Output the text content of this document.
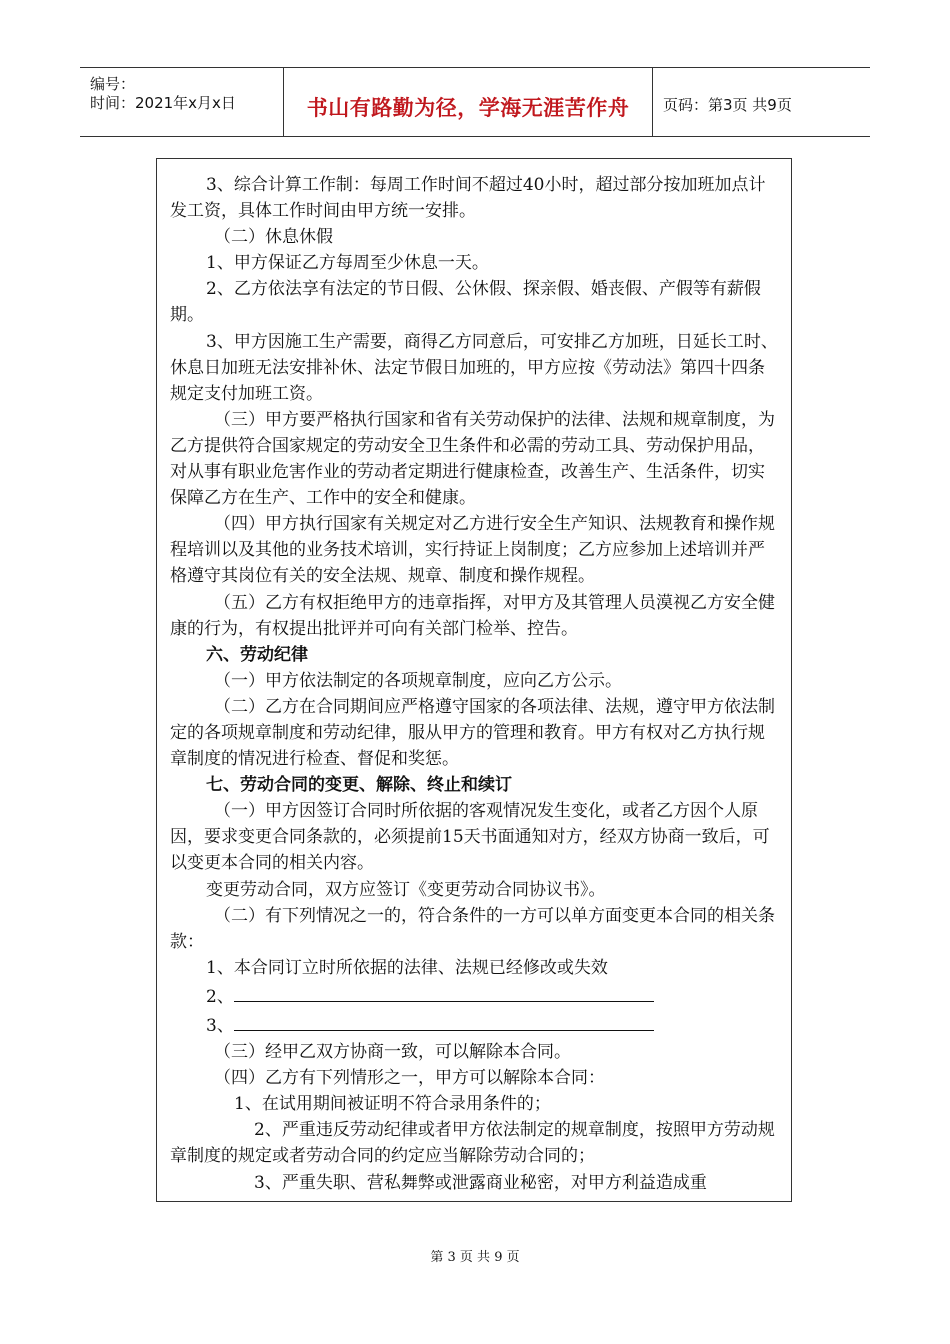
编号：
时间：2021年x月x日	书山有路勤为径，学海无涯苦作舟	页码：第3页 共9页

3、综合计算工作制：每周工作时间不超过40小时，超过部分按加班加点计发工资，具体工作时间由甲方统一安排。

（二）休息休假

1、甲方保证乙方每周至少休息一天。

2、乙方依法享有法定的节日假、公休假、探亲假、婚丧假、产假等有薪假期。

3、甲方因施工生产需要，商得乙方同意后，可安排乙方加班，日延长工时、休息日加班无法安排补休、法定节假日加班的，甲方应按《劳动法》第四十四条规定支付加班工资。

（三）甲方要严格执行国家和省有关劳动保护的法律、法规和规章制度，为乙方提供符合国家规定的劳动安全卫生条件和必需的劳动工具、劳动保护用品，对从事有职业危害作业的劳动者定期进行健康检查，改善生产、生活条件，切实保障乙方在生产、工作中的安全和健康。

（四）甲方执行国家有关规定对乙方进行安全生产知识、法规教育和操作规程培训以及其他的业务技术培训，实行持证上岗制度；乙方应参加上述培训并严格遵守其岗位有关的安全法规、规章、制度和操作规程。

（五）乙方有权拒绝甲方的违章指挥，对甲方及其管理人员漠视乙方安全健康的行为，有权提出批评并可向有关部门检举、控告。

六、劳动纪律

（一）甲方依法制定的各项规章制度，应向乙方公示。

（二）乙方在合同期间应严格遵守国家的各项法律、法规，遵守甲方依法制定的各项规章制度和劳动纪律，服从甲方的管理和教育。甲方有权对乙方执行规章制度的情况进行检查、督促和奖惩。

七、劳动合同的变更、解除、终止和续订

（一）甲方因签订合同时所依据的客观情况发生变化，或者乙方因个人原因，要求变更合同条款的，必须提前15天书面通知对方，经双方协商一致后，可以变更本合同的相关内容。

变更劳动合同，双方应签订《变更劳动合同协议书》。

（二）有下列情况之一的，符合条件的一方可以单方面变更本合同的相关条款：

1、本合同订立时所依据的法律、法规已经修改或失效

2、

3、

（三）经甲乙双方协商一致，可以解除本合同。

（四）乙方有下列情形之一，甲方可以解除本合同：

1、在试用期间被证明不符合录用条件的；

2、严重违反劳动纪律或者甲方依法制定的规章制度，按照甲方劳动规章制度的规定或者劳动合同的约定应当解除劳动合同的；

3、严重失职、营私舞弊或泄露商业秘密，对甲方利益造成重

第 3 页 共 9 页
